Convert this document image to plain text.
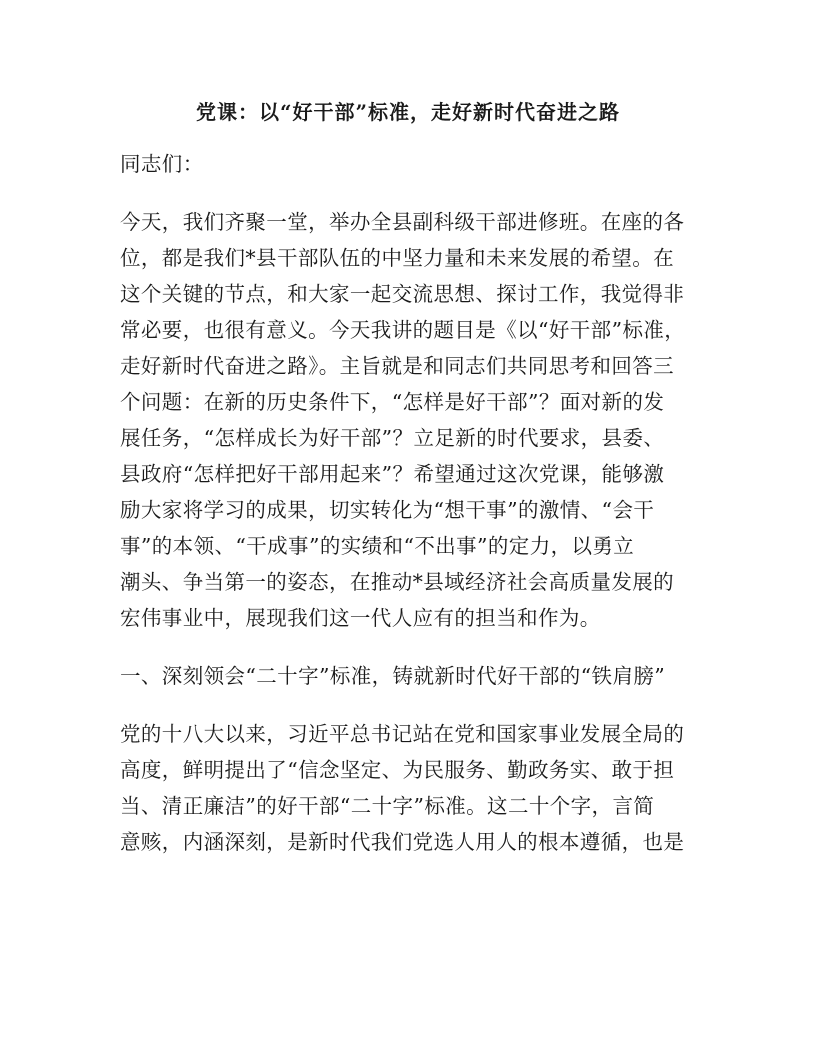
党课：以“好干部”标准，走好新时代奋进之路
同志们：
今天，我们齐聚一堂，举办全县副科级干部进修班。在座的各
位，都是我们*县干部队伍的中坚力量和未来发展的希望。在
这个关键的节点，和大家一起交流思想、探讨工作，我觉得非
常必要，也很有意义。今天我讲的题目是《以“好干部”标准，
走好新时代奋进之路》。主旨就是和同志们共同思考和回答三
个问题：在新的历史条件下，“怎样是好干部”？面对新的发
展任务，“怎样成长为好干部”？立足新的时代要求，县委、
县政府“怎样把好干部用起来”？希望通过这次党课，能够激
励大家将学习的成果，切实转化为“想干事”的激情、“会干
事”的本领、“干成事”的实绩和“不出事”的定力，以勇立
潮头、争当第一的姿态，在推动*县域经济社会高质量发展的
宏伟事业中，展现我们这一代人应有的担当和作为。
一、深刻领会“二十字”标准，铸就新时代好干部的“铁肩膀”
党的十八大以来，习近平总书记站在党和国家事业发展全局的
高度，鲜明提出了“信念坚定、为民服务、勤政务实、敢于担
当、清正廉洁”的好干部“二十字”标准。这二十个字，言简
意赅，内涵深刻，是新时代我们党选人用人的根本遵循，也是
